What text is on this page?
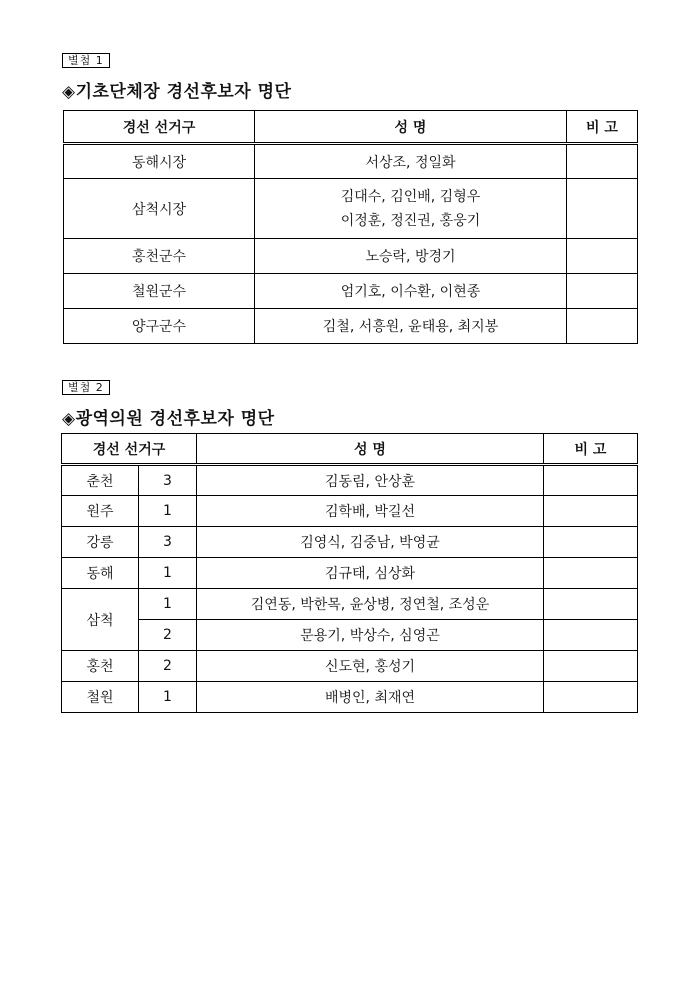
별첨 1
◈기초단체장 경선후보자 명단
경선 선거구	성 명	비 고
동해시장	서상조, 정일화	
삼척시장	김대수, 김인배, 김형우
이정훈, 정진권, 홍웅기	

홍천군수	노승락, 방경기	
철원군수	엄기호, 이수환, 이현종	
양구군수	김철, 서흥원, 윤태용, 최지봉	
별첨 2
◈광역의원 경선후보자 명단
경선 선거구		성 명	비 고
춘천	3	김동림, 안상훈	
원주	1	김학배, 박길선	
강릉	3	김영식, 김중남, 박영균	
동해	1	김규태, 심상화	
삼척	1	김연동, 박한목, 윤상병, 정연철, 조성운	
	2	문용기, 박상수, 심영곤	
홍천	2	신도현, 홍성기	
철원	1	배병인, 최재연	
